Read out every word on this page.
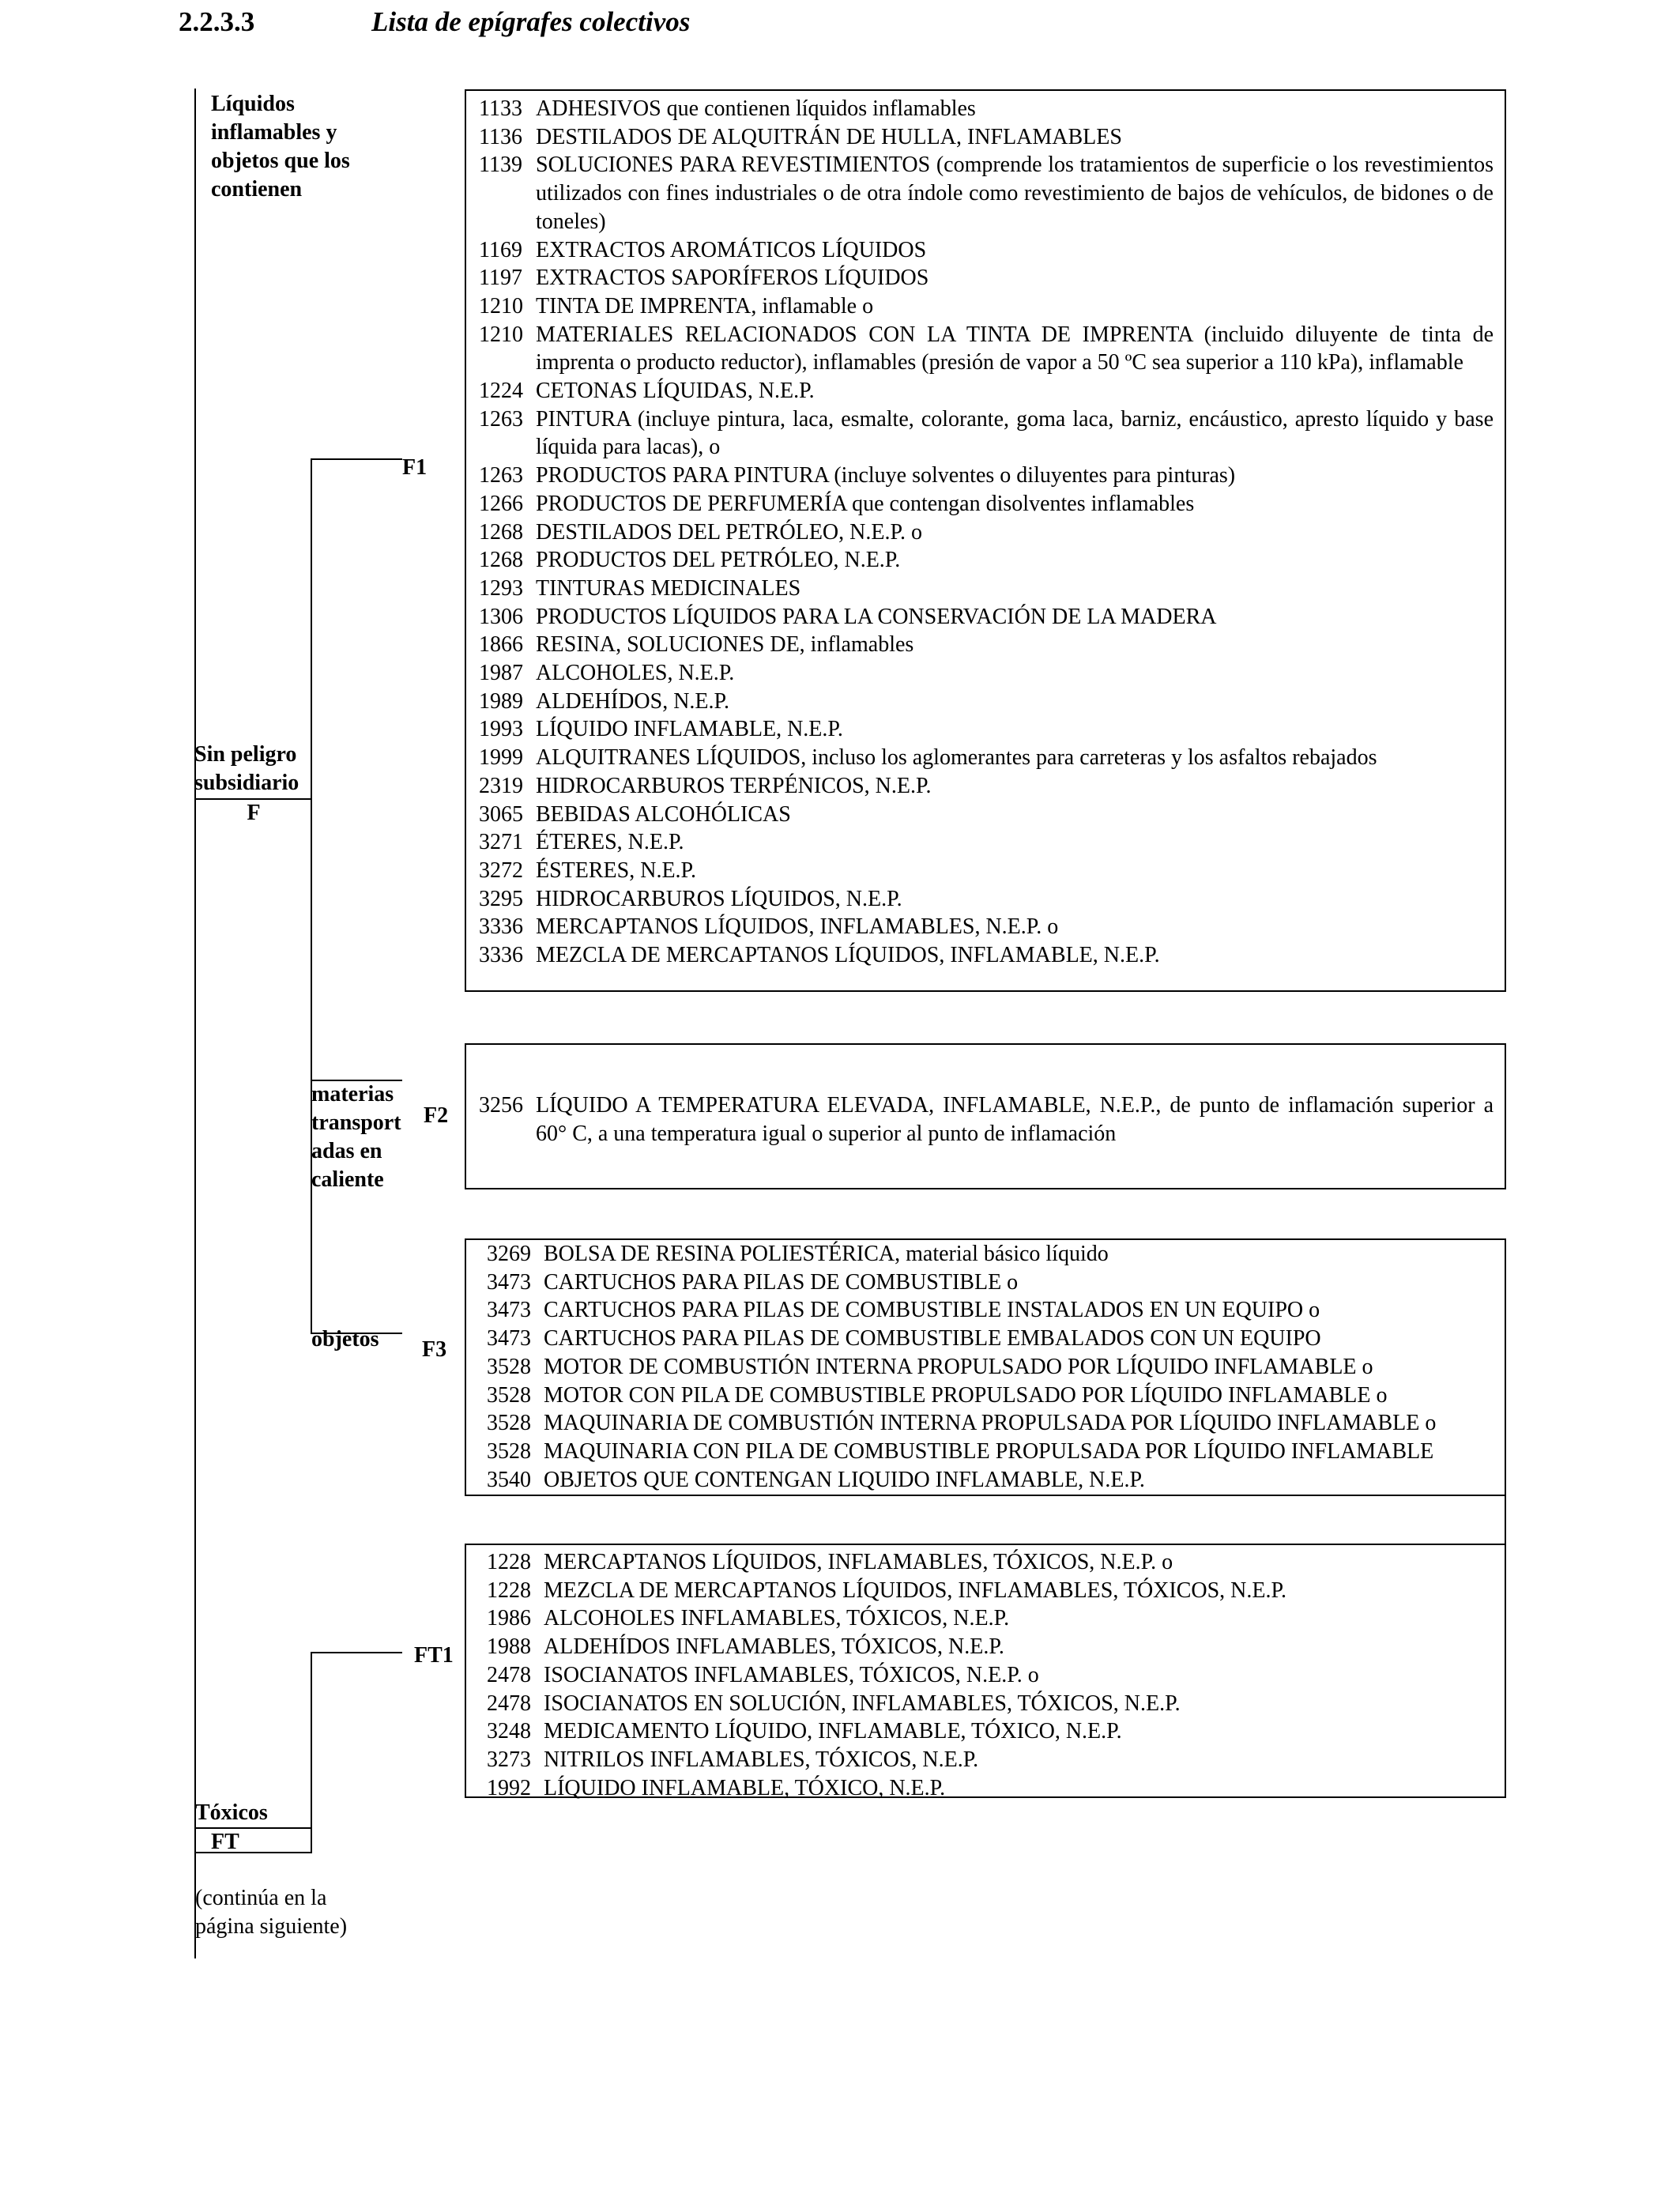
2.2.3.3	Lista de epígrafes colectivos
Líquidos
inflamables y
objetos que los
contienen
Sin peligro
subsidiario
F
F1
materias
transport
adas en
caliente
F2
objetos F3
FT1
Tóxicos
FT
(continúa en la
página siguiente)
1133 ADHESIVOS que contienen líquidos inflamables
1136 DESTILADOS DE ALQUITRÁN DE HULLA, INFLAMABLES
1139 SOLUCIONES PARA REVESTIMIENTOS (comprende los tratamientos de superficie o los revestimientos utilizados con fines industriales o de otra índole como revestimiento de bajos de vehículos, de bidones o de toneles)
1169 EXTRACTOS AROMÁTICOS LÍQUIDOS
1197 EXTRACTOS SAPORÍFEROS LÍQUIDOS
1210 TINTA DE IMPRENTA, inflamable o
1210 MATERIALES RELACIONADOS CON LA TINTA DE IMPRENTA (incluido diluyente de tinta de imprenta o producto reductor), inflamables (presión de vapor a 50 ºC sea superior a 110 kPa), inflamable
1224 CETONAS LÍQUIDAS, N.E.P.
1263 PINTURA (incluye pintura, laca, esmalte, colorante, goma laca, barniz, encáustico, apresto líquido y base líquida para lacas), o
1263 PRODUCTOS PARA PINTURA (incluye solventes o diluyentes para pinturas)
1266 PRODUCTOS DE PERFUMERÍA que contengan disolventes inflamables
1268 DESTILADOS DEL PETRÓLEO, N.E.P. o
1268 PRODUCTOS DEL PETRÓLEO, N.E.P.
1293 TINTURAS MEDICINALES
1306 PRODUCTOS LÍQUIDOS PARA LA CONSERVACIÓN DE LA MADERA
1866 RESINA, SOLUCIONES DE, inflamables
1987 ALCOHOLES, N.E.P.
1989 ALDEHÍDOS, N.E.P.
1993 LÍQUIDO INFLAMABLE, N.E.P.
1999 ALQUITRANES LÍQUIDOS, incluso los aglomerantes para carreteras y los asfaltos rebajados
2319 HIDROCARBUROS TERPÉNICOS, N.E.P.
3065 BEBIDAS ALCOHÓLICAS
3271 ÉTERES, N.E.P.
3272 ÉSTERES, N.E.P.
3295 HIDROCARBUROS LÍQUIDOS, N.E.P.
3336 MERCAPTANOS LÍQUIDOS, INFLAMABLES, N.E.P. o
3336 MEZCLA DE MERCAPTANOS LÍQUIDOS, INFLAMABLE, N.E.P.
3256 LÍQUIDO A TEMPERATURA ELEVADA, INFLAMABLE, N.E.P., de punto de inflamación superior a 60° C, a una temperatura igual o superior al punto de inflamación
3269 BOLSA DE RESINA POLIESTÉRICA, material básico líquido
3473 CARTUCHOS PARA PILAS DE COMBUSTIBLE o
3473 CARTUCHOS PARA PILAS DE COMBUSTIBLE INSTALADOS EN UN EQUIPO o
3473 CARTUCHOS PARA PILAS DE COMBUSTIBLE EMBALADOS CON UN EQUIPO
3528 MOTOR DE COMBUSTIÓN INTERNA PROPULSADO POR LÍQUIDO INFLAMABLE o
3528 MOTOR CON PILA DE COMBUSTIBLE PROPULSADO POR LÍQUIDO INFLAMABLE o
3528 MAQUINARIA DE COMBUSTIÓN INTERNA PROPULSADA POR LÍQUIDO INFLAMABLE o
3528 MAQUINARIA CON PILA DE COMBUSTIBLE PROPULSADA POR LÍQUIDO INFLAMABLE
3540 OBJETOS QUE CONTENGAN LIQUIDO INFLAMABLE, N.E.P.
1228 MERCAPTANOS LÍQUIDOS, INFLAMABLES, TÓXICOS, N.E.P. o
1228 MEZCLA DE MERCAPTANOS LÍQUIDOS, INFLAMABLES, TÓXICOS, N.E.P.
1986 ALCOHOLES INFLAMABLES, TÓXICOS, N.E.P.
1988 ALDEHÍDOS INFLAMABLES, TÓXICOS, N.E.P.
2478 ISOCIANATOS INFLAMABLES, TÓXICOS, N.E.P. o
2478 ISOCIANATOS EN SOLUCIÓN, INFLAMABLES, TÓXICOS, N.E.P.
3248 MEDICAMENTO LÍQUIDO, INFLAMABLE, TÓXICO, N.E.P.
3273 NITRILOS INFLAMABLES, TÓXICOS, N.E.P.
1992 LÍQUIDO INFLAMABLE, TÓXICO, N.E.P.
